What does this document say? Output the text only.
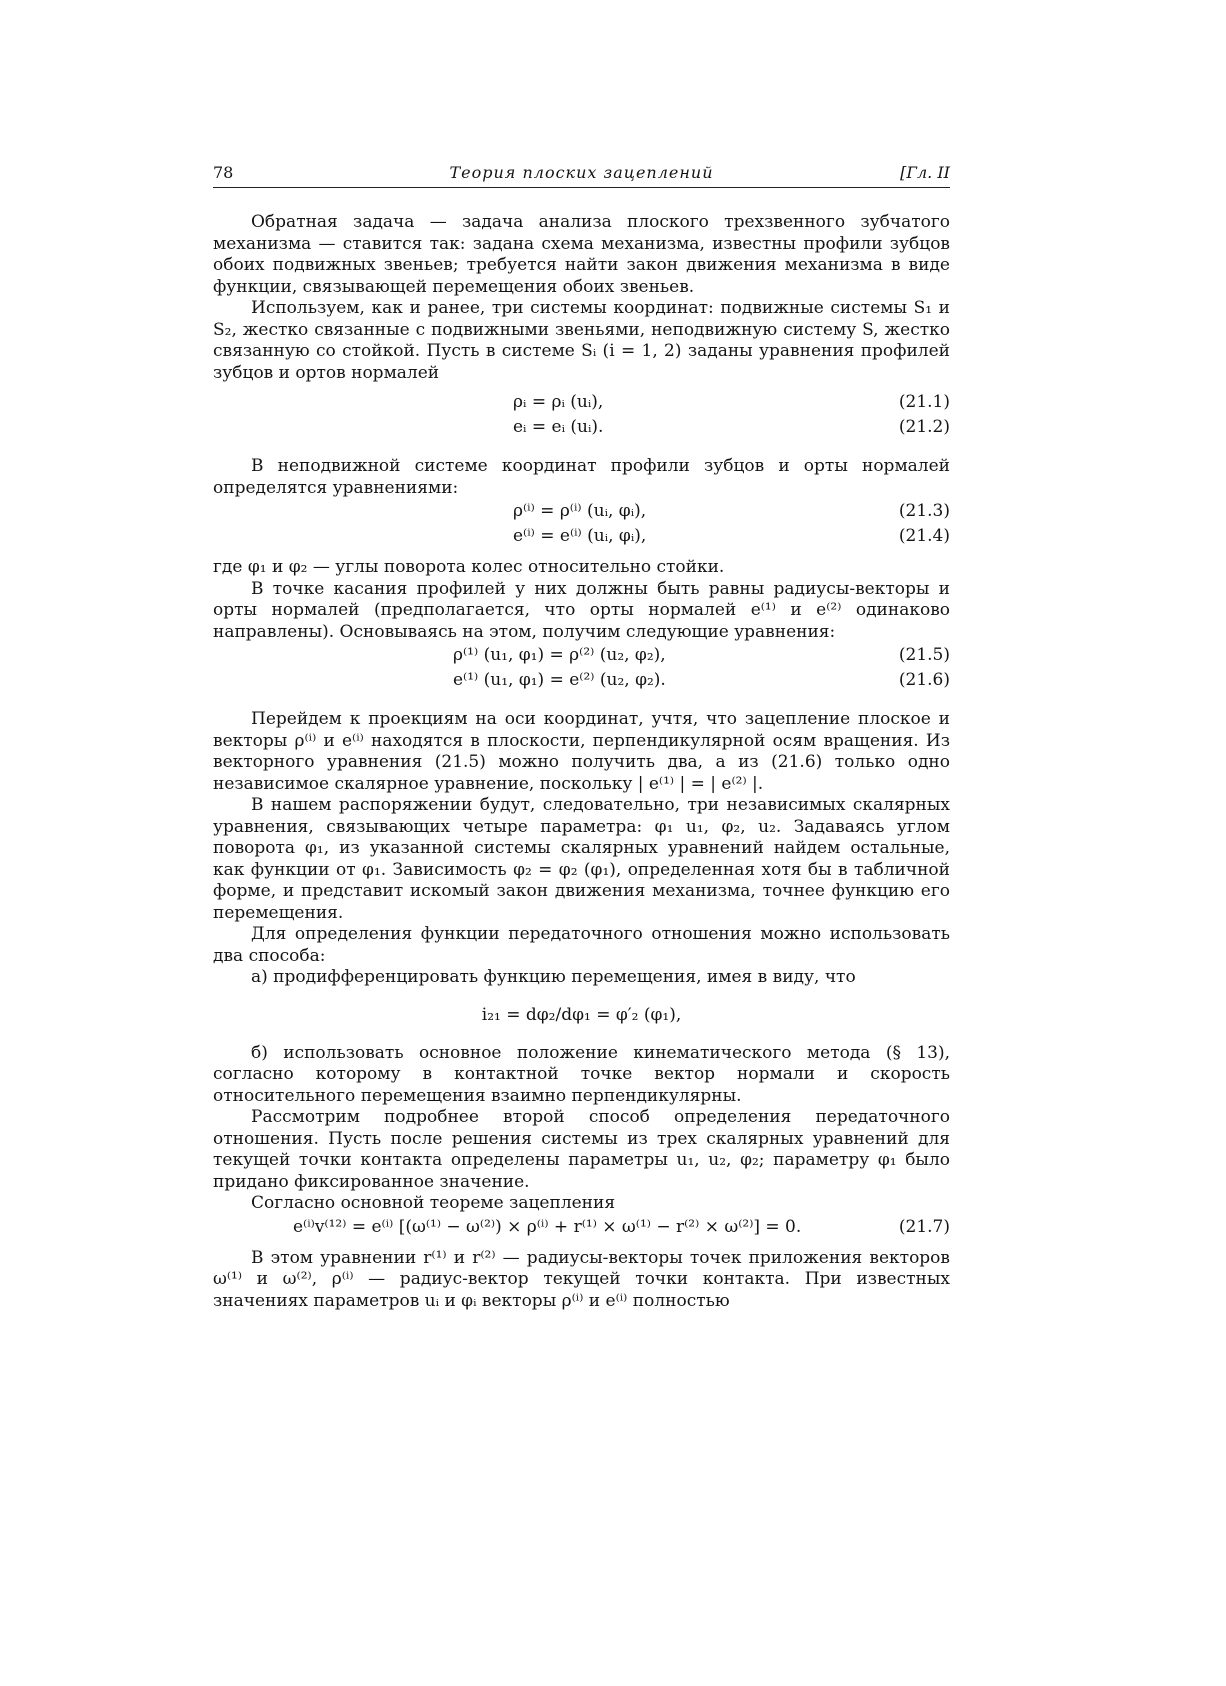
78	Теория плоских зацеплений	[Гл. II

Обратная задача — задача анализа плоского трехзвенного зубчатого механизма — ставится так: задана схема механизма, известны профили зубцов обоих подвижных звеньев; требуется найти закон движения механизма в виде функции, связывающей перемещения обоих звеньев.

Используем, как и ранее, три системы координат: подвижные системы S₁ и S₂, жестко связанные с подвижными звеньями, неподвижную систему S, жестко связанную со стойкой. Пусть в системе Sᵢ (i = 1, 2) заданы уравнения профилей зубцов и ортов нормалей

ρᵢ = ρᵢ (uᵢ),	(21.1)
eᵢ = eᵢ (uᵢ).	(21.2)

В неподвижной системе координат профили зубцов и орты нормалей определятся уравнениями:

ρ⁽ⁱ⁾ = ρ⁽ⁱ⁾ (uᵢ, φᵢ),	(21.3)
e⁽ⁱ⁾ = e⁽ⁱ⁾ (uᵢ, φᵢ),	(21.4)

где φ₁ и φ₂ — углы поворота колес относительно стойки.

В точке касания профилей у них должны быть равны радиусы-векторы и орты нормалей (предполагается, что орты нормалей e⁽¹⁾ и e⁽²⁾ одинаково направлены). Основываясь на этом, получим следующие уравнения:

ρ⁽¹⁾ (u₁, φ₁) = ρ⁽²⁾ (u₂, φ₂),	(21.5)
e⁽¹⁾ (u₁, φ₁) = e⁽²⁾ (u₂, φ₂).	(21.6)

Перейдем к проекциям на оси координат, учтя, что зацепление плоское и векторы ρ⁽ⁱ⁾ и e⁽ⁱ⁾ находятся в плоскости, перпендикулярной осям вращения. Из векторного уравнения (21.5) можно получить два, а из (21.6) только одно независимое скалярное уравнение, поскольку | e⁽¹⁾ | = | e⁽²⁾ |.

В нашем распоряжении будут, следовательно, три независимых скалярных уравнения, связывающих четыре параметра: φ₁ u₁, φ₂, u₂. Задаваясь углом поворота φ₁, из указанной системы скалярных уравнений найдем остальные, как функции от φ₁. Зависимость φ₂ = φ₂ (φ₁), определенная хотя бы в табличной форме, и представит искомый закон движения механизма, точнее функцию его перемещения.

Для определения функции передаточного отношения можно использовать два способа:

а) продифференцировать функцию перемещения, имея в виду, что

i₂₁ = dφ₂/dφ₁ = φ′₂ (φ₁),

б) использовать основное положение кинематического метода (§ 13), согласно которому в контактной точке вектор нормали и скорость относительного перемещения взаимно перпендикулярны.

Рассмотрим подробнее второй способ определения передаточного отношения. Пусть после решения системы из трех скалярных уравнений для текущей точки контакта определены параметры u₁, u₂, φ₂; параметру φ₁ было придано фиксированное значение.

Согласно основной теореме зацепления

e⁽ⁱ⁾v⁽¹²⁾ = e⁽ⁱ⁾ [(ω⁽¹⁾ − ω⁽²⁾) × ρ⁽ⁱ⁾ + r⁽¹⁾ × ω⁽¹⁾ − r⁽²⁾ × ω⁽²⁾] = 0.	(21.7)

В этом уравнении r⁽¹⁾ и r⁽²⁾ — радиусы-векторы точек приложения векторов ω⁽¹⁾ и ω⁽²⁾, ρ⁽ⁱ⁾ — радиус-вектор текущей точки контакта. При известных значениях параметров uᵢ и φᵢ векторы ρ⁽ⁱ⁾ и e⁽ⁱ⁾ полностью
